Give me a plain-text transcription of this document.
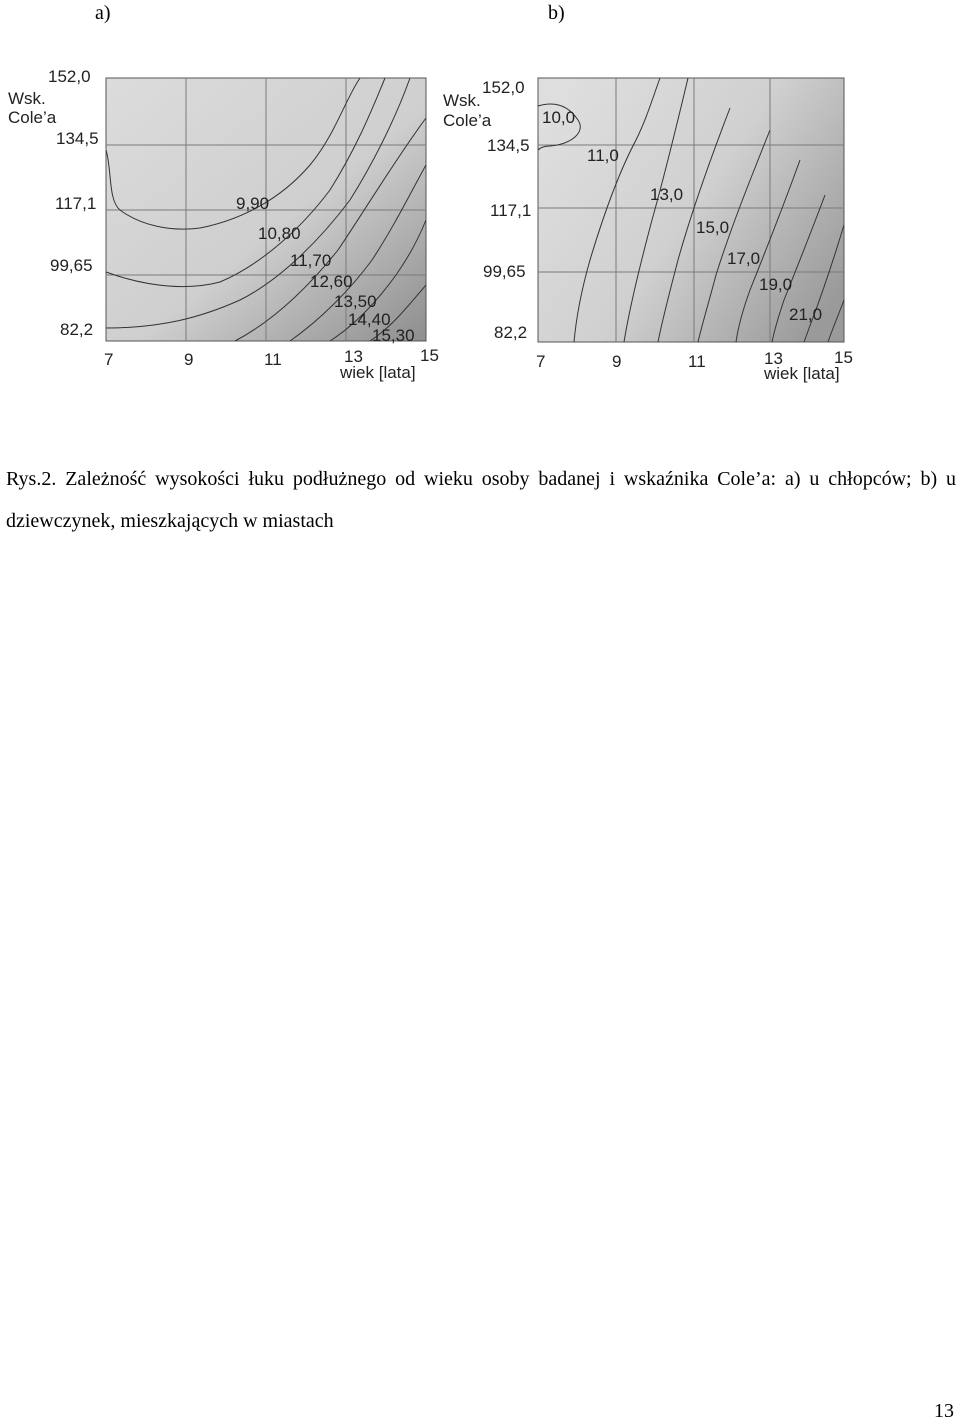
a)	b)
Wsk.
Cole’a
152,0
134,5
117,1
99,65
82,2
7	9	11	13	15
wiek [lata]
9,90
10,80
11,70
12,60
13,50
14,40
15,30
Wsk.
Cole’a
152,0
134,5
117,1
99,65
82,2
7	9	11	13	15
wiek [lata]
10,0
11,0
13,0
15,0
17,0
19,0
21,0
Rys.2. Zależność wysokości łuku podłużnego od wieku osoby badanej i wskaźnika Cole’a: a) u chłopców; b) u dziewczynek, mieszkających w miastach
13
